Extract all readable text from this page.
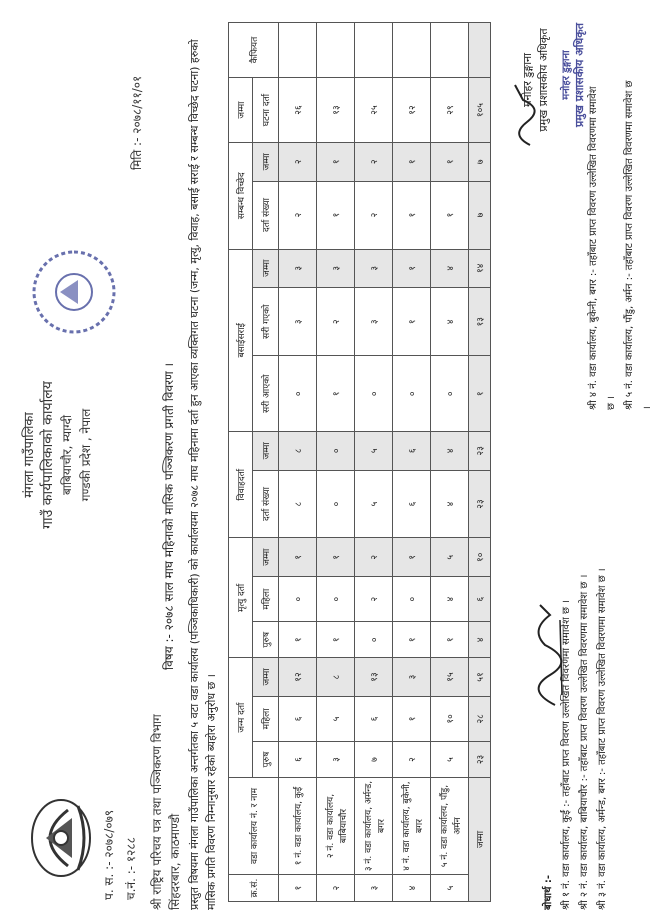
प. स. :- २०७८/०७९ च.नं. :- १२८८
मंगला गाउँपालिका गाउँ कार्यपालिकाको कार्यालय बाबियाचौर, म्याग्दी गण्डकी प्रदेश , नेपाल
मिति :- २०७८/११/०१
श्री राष्ट्रिय परिचय पत्र तथा पञ्जिकरण विभाग सिंहदरबार, काठमाण्डौ
विषय :- २०७८ साल माघ महिनाको मासिक पञ्जिकरण प्रगती विवरण । प्रस्तुत विषयमा मंगला गाउँपालिका अन्तर्गतका ५ वटा वडा कार्यालय (पञ्जिकाधिकारी) को कार्यालयमा २०७८ माघ महिनामा दर्ता हुन आएका व्यक्तिगत घटना (जन्म, मृत्यु, विवाह, बसाई सराई र सम्बन्ध विच्छेद घटना) हरुको मासिक प्रगति विवरण निम्नानुसार रहेको ब्यहोरा अनुरोध छ ।	क्र.सं.	वडा कार्यालय नं. र नाम	जन्म दर्ता			मृत्यु दर्ता			विवाहदर्ता		बसाईसराई			सम्बन्ध विच्छेद		जम्मा	कैफियत
		पुरुष	महिला	जम्मा	पुरुष	महिला	जम्मा	दर्ता संख्या	जम्मा	सरी आएको	सरी गएको	जम्मा	दर्ता संख्या	जम्मा	घटना दर्ता	
१	१ नं. वडा कार्यालय, कुईं	६	६	१२	१	०	१	८	८	०	३	३	२	२	२६	
२	२ नं. वडा कार्यालय, बाबियाचौर	३	५	८	१	०	१	०	०	१	२	३	१	१	१३	
३	३ नं. वडा कार्यालय, अर्मन्ड, बगर	७	६	१३	०	२	२	५	५	०	३	३	२	२	२५	
४	४ नं. वडा कार्यालय, बुकेनी, बगर	२	१	३	१	०	१	६	६	०	१	१	१	१	१२	
५	५ नं. वडा कार्यालय, पौंडु, अर्मन	५	१०	१५	१	४	५	४	४	०	४	४	१	१	२९	
जम्मा		२३	२८	५१	४	६	१०	२३	२३	१	१३	१४	७	७	१०५	
मनोहर डुङ्गाना प्रमुख प्रशासकीय अधिकृत मनोहर डुङ्गाना प्रमुख प्रशासकीय अधिकृत
बोधार्थ :- श्री १ नं. वडा कार्यालय, कुईं :- तहाँबाट प्राप्त विवरण उल्लेखित विवरणमा समावेश छ । श्री २ नं. वडा कार्यालय, बाबियाचौर :- तहाँबाट प्राप्त विवरण उल्लेखित विवरणमा समावेश छ । श्री ३ नं. वडा कार्यालय, अर्मन्ड, बगर :- तहाँबाट प्राप्त विवरण उल्लेखित विवरणमा समावेश छ ।
श्री ४ नं. वडा कार्यालय, बुकेनी, बगर :- तहाँबाट प्राप्त विवरण उल्लेखित विवरणमा समावेश छ । श्री ५ नं. वडा कार्यालय, पौंडु, अर्मन :- तहाँबाट प्राप्त विवरण उल्लेखित विवरणमा समावेश छ ।
